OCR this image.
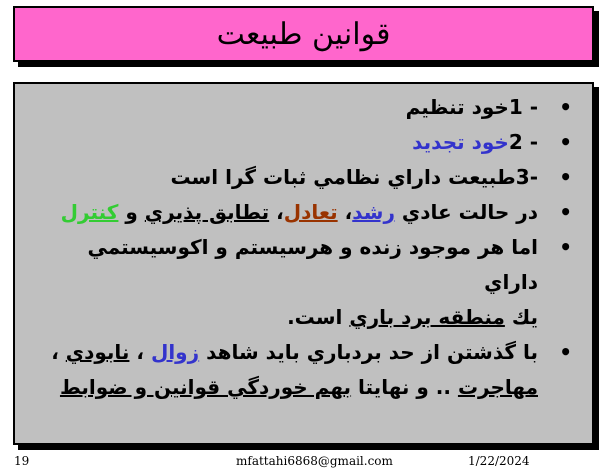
قوانين طبيعت
•
- 1خود تنظيم
•
- 2خود تجديد
•
-3طبيعت داراي نظامي ثبات گرا است
•
در حالت عادي رشد، تعادل، تطابق پذيري و كنترل
•
اما هر موجود زنده و هرسيستم و اكوسيستمي داراي
يك منطقه برد باري است.
•
با گذشتن از حد بردباري بايد شاهد زوال ، نابودي ،
مهاجرت .. و نهايتا بهم خوردگي قوانين و ضوابط
19	mfattahi6868@gmail.com	1/22/2024
